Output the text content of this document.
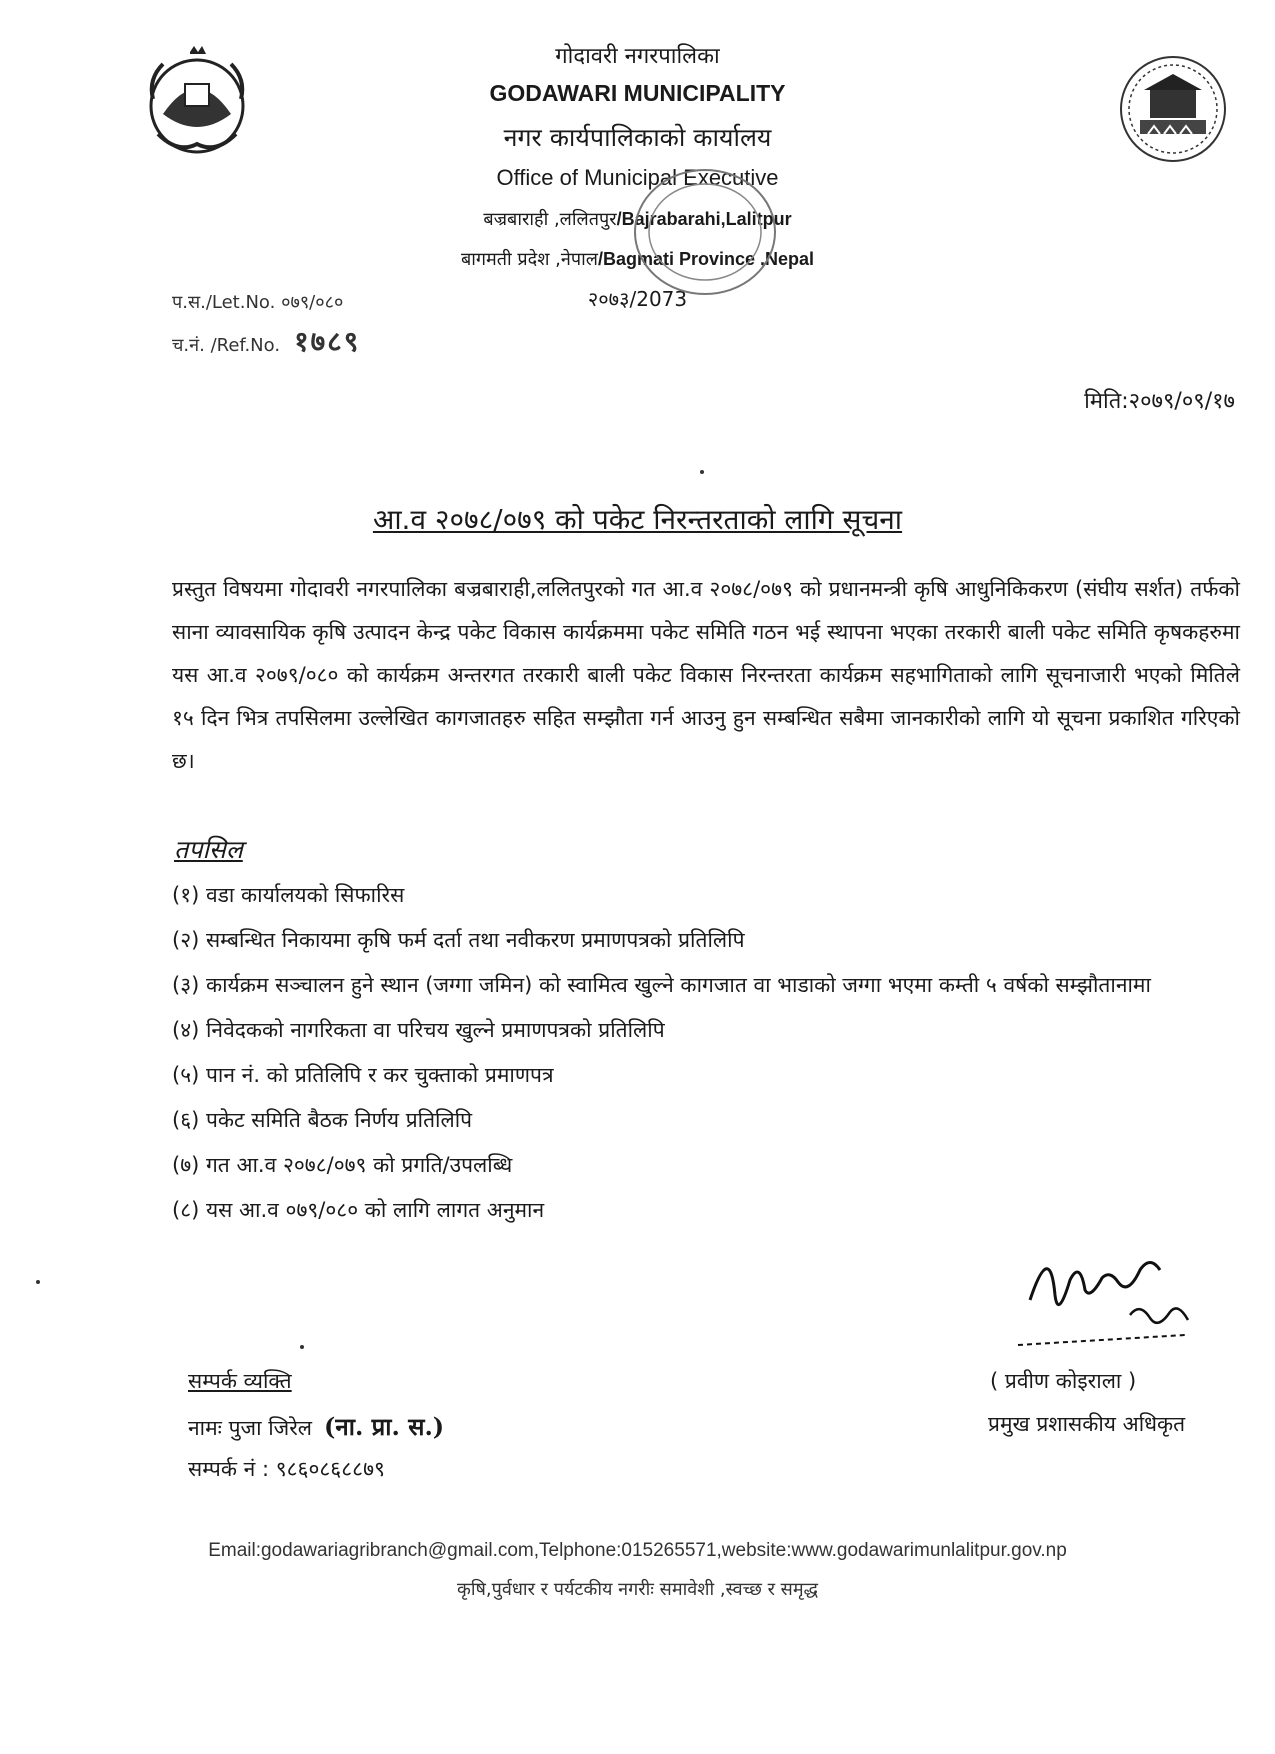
गोदावरी नगरपालिका
GODAWARI MUNICIPALITY
नगर कार्यपालिकाको कार्यालय
Office of Municipal Executive
बज्रबाराही ,ललितपुर/Bajrabarahi,Lalitpur
बागमती प्रदेश ,नेपाल/Bagmati Province ,Nepal
२०७३/2073
प.स./Let.No. ०७९/०८०
च.नं. /Ref.No. १७८९
मिति:२०७९/०९/१७
आ.व २०७८/०७९ को पकेट निरन्तरताको लागि सूचना
प्रस्तुत विषयमा गोदावरी नगरपालिका बज्रबाराही,ललितपुरको गत आ.व २०७८/०७९ को प्रधानमन्त्री कृषि आधुनिकिकरण (संघीय सर्शत) तर्फको साना व्यावसायिक कृषि उत्पादन केन्द्र पकेट विकास कार्यक्रममा पकेट समिति गठन भई स्थापना भएका तरकारी बाली पकेट समिति कृषकहरुमा यस आ.व २०७९/०८० को कार्यक्रम अन्तरगत तरकारी बाली पकेट विकास निरन्तरता कार्यक्रम सहभागिताको लागि सूचनाजारी भएको मितिले १५ दिन भित्र तपसिलमा उल्लेखित कागजातहरु सहित सम्झौता गर्न आउनु हुन सम्बन्धित सबैमा जानकारीको लागि यो सूचना प्रकाशित गरिएको छ।
तपसिल
(१) वडा कार्यालयको सिफारिस
(२) सम्बन्धित निकायमा कृषि फर्म दर्ता तथा नवीकरण प्रमाणपत्रको प्रतिलिपि
(३) कार्यक्रम सञ्चालन हुने स्थान (जग्गा जमिन) को स्वामित्व खुल्ने कागजात वा भाडाको जग्गा भएमा कम्ती ५ वर्षको सम्झौतानामा
(४) निवेदकको नागरिकता वा परिचय खुल्ने प्रमाणपत्रको प्रतिलिपि
(५) पान नं. को प्रतिलिपि र कर चुक्ताको प्रमाणपत्र
(६) पकेट समिति बैठक निर्णय प्रतिलिपि
(७) गत आ.व २०७८/०७९ को प्रगति/उपलब्धि
(८) यस आ.व ०७९/०८० को लागि लागत अनुमान
सम्पर्क व्यक्ति
नामः पुजा जिरेल (ना. प्रा. स.)
सम्पर्क नं : ९८६०८६८८७९
( प्रवीण कोइराला )
प्रमुख प्रशासकीय अधिकृत
Email:godawariagribranch@gmail.com,Telphone:015265571,website:www.godawarimunlalitpur.gov.np
कृषि,पुर्वधार र पर्यटकीय नगरीः समावेशी ,स्वच्छ र समृद्ध
